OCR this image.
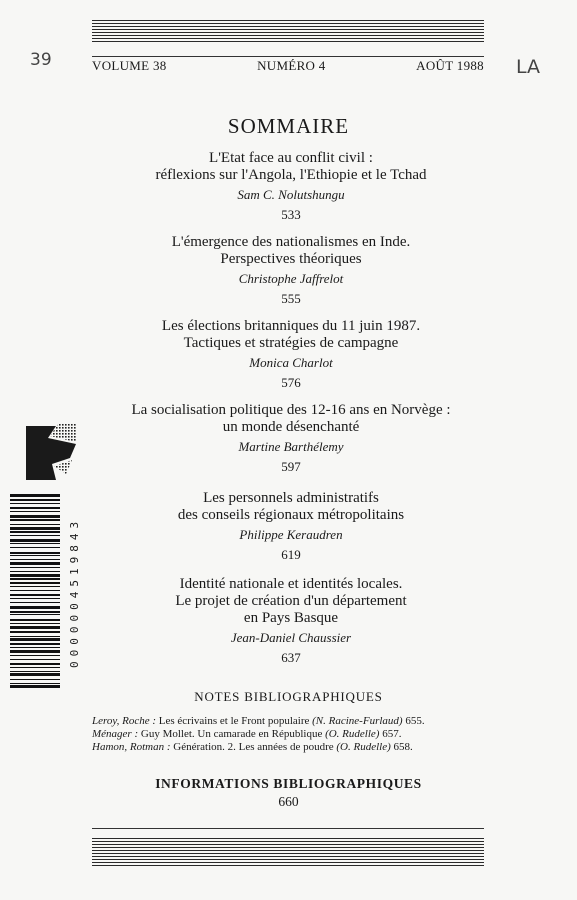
39	LA
VOLUME 38	NUMÉRO 4	AOÛT 1988
SOMMAIRE
L'Etat face au conflit civil :
réflexions sur l'Angola, l'Ethiopie et le Tchad
Sam C. Nolutshungu
533
L'émergence des nationalismes en Inde.
Perspectives théoriques
Christophe Jaffrelot
555
Les élections britanniques du 11 juin 1987.
Tactiques et stratégies de campagne
Monica Charlot
576
La socialisation politique des 12-16 ans en Norvège :
un monde désenchanté
Martine Barthélemy
597
Les personnels administratifs
des conseils régionaux métropolitains
Philippe Keraudren
619
Identité nationale et identités locales.
Le projet de création d'un département
en Pays Basque
Jean-Daniel Chaussier
637
NOTES BIBLIOGRAPHIQUES
Leroy, Roche : Les écrivains et le Front populaire (N. Racine-Furlaud) 655.
Ménager : Guy Mollet. Un camarade en République (O. Rudelle) 657.
Hamon, Rotman : Génération. 2. Les années de poudre (O. Rudelle) 658.
INFORMATIONS BIBLIOGRAPHIQUES
660
0000004519843
